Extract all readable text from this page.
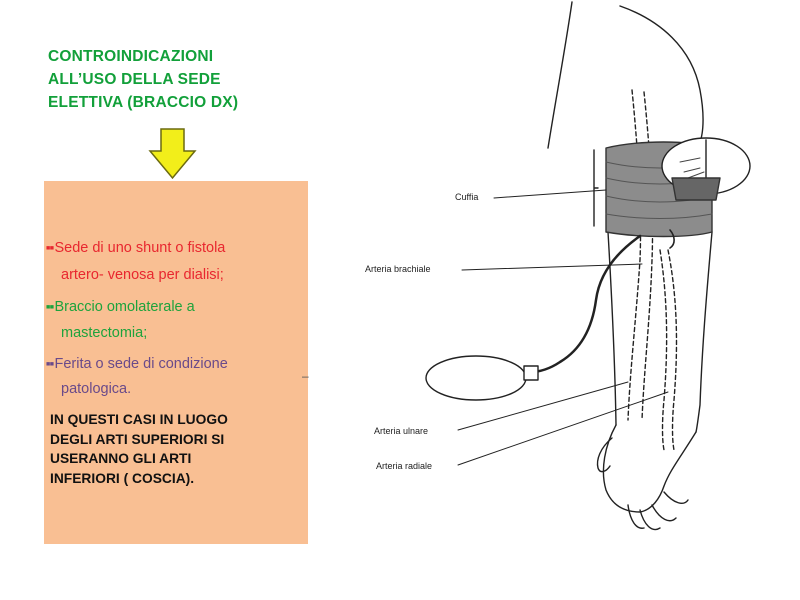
CONTROINDICAZIONI
ALL’USO DELLA SEDE
ELETTIVA (BRACCIO DX)
–
■■Sede di uno shunt o fistola
artero- venosa per dialisi;
■■Braccio omolaterale a
mastectomia;
■■Ferita o sede di condizione
patologica.
IN QUESTI CASI IN LUOGO
DEGLI ARTI SUPERIORI SI
USERANNO GLI ARTI
INFERIORI ( COSCIA).
Cuffia
Arteria brachiale
Arteria ulnare
Arteria radiale
